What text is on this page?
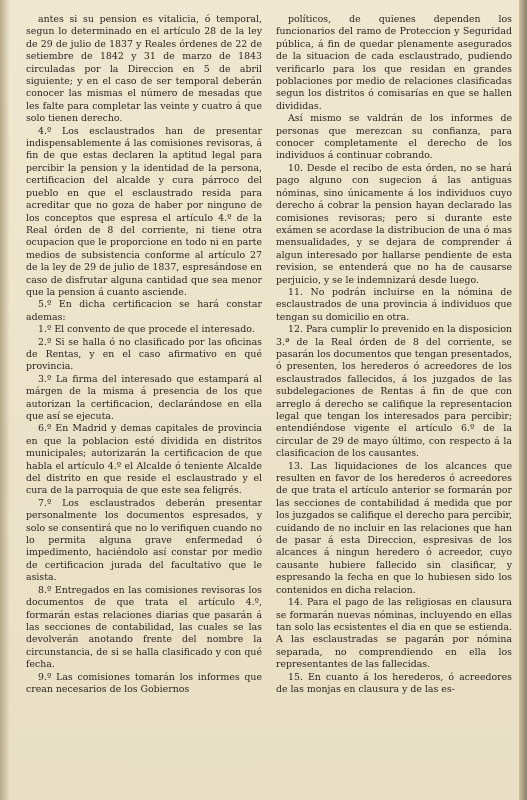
antes si su pension es vitalicia, ó temporal, segun lo determinado en el artículo 28 de la ley de 29 de julio de 1837 y Reales órdenes de 22 de setiembre de 1842 y 31 de marzo de 1843 circuladas por la Direccion en 5 de abril siguiente; y en el caso de ser temporal deberán conocer las mismas el número de mesadas que les falte para completar las veinte y cuatro á que solo tienen derecho.

4.º Los esclaustrados han de presentar indispensablemente á las comisiones revisoras, á fin de que estas declaren la aptitud legal para percibir la pension y la identidad de la persona, certificacion del alcalde y cura párroco del pueblo en que el esclaustrado resida para acreditar que no goza de haber por ninguno de los conceptos que espresa el artículo 4.º de la Real órden de 8 del corriente, ni tiene otra ocupacion que le proporcione en todo ni en parte medios de subsistencia conforme al artículo 27 de la ley de 29 de julio de 1837, espresándose en caso de disfrutar alguna cantidad que sea menor que la pension á cuanto asciende.

5.º En dicha certificacion se hará constar ademas:

1.º El convento de que procede el interesado.

2.º Si se halla ó no clasificado por las oficinas de Rentas, y en el caso afirmativo en qué provincia.

3.º La firma del interesado que estampará al márgen de la misma á presencia de los que autorizan la certificacion, declarándose en ella que así se ejecuta.

6.º En Madrid y demas capitales de provincia en que la poblacion esté dividida en distritos municipales; autorizarán la certificacion de que habla el artículo 4.º el Alcalde ó teniente Alcalde del distrito en que reside el esclaustrado y el cura de la parroquia de que este sea feligrés.

7.º Los esclaustrados deberán presentar personalmente los documentos espresados, y solo se consentirá que no lo verifiquen cuando no lo permita alguna grave enfermedad ó impedimento, haciéndolo así constar por medio de certificacion jurada del facultativo que le asista.

8.º Entregados en las comisiones revisoras los documentos de que trata el artículo 4.º, formarán estas relaciones diarias que pasarán á las secciones de contabilidad, las cuales se las devolverán anotando frente del nombre la circunstancia, de si se halla clasificado y con qué fecha.

9.º Las comisiones tomarán los informes que crean necesarios de los Gobiernos

políticos, de quienes dependen los funcionarios del ramo de Proteccion y Seguridad pública, á fin de quedar plenamente asegurados de la situacion de cada esclaustrado, pudiendo verificarlo para los que residan en grandes poblaciones por medio de relaciones clasificadas segun los distritos ó comisarías en que se hallen divididas.

Así mismo se valdrán de los informes de personas que merezcan su confianza, para conocer completamente el derecho de los individuos á continuar cobrando.

10. Desde el recibo de esta órden, no se hará pago alguno con sugecion á las antiguas nóminas, sino únicamente á los individuos cuyo derecho á cobrar la pension hayan declarado las comisiones revisoras; pero si durante este exámen se acordase la distribucion de una ó mas mensualidades, y se dejara de comprender á algun interesado por hallarse pendiente de esta revision, se entenderá que no ha de causarse perjuicio, y se le indemnizará desde luego.

11. No podrán incluirse en la nómina de esclaustrados de una provincia á individuos que tengan su domicilio en otra.

12. Para cumplir lo prevenido en la disposicion 3.ª de la Real órden de 8 del corriente, se pasarán los documentos que tengan presentados, ó presenten, los herederos ó acreedores de los esclaustrados fallecidos, á los juzgados de las subdelegaciones de Rentas á fin de que con arreglo á derecho se califique la representacion legal que tengan los interesados para percibir; entendiéndose vigente el artículo 6.º de la circular de 29 de mayo último, con respecto á la clasificacion de los causantes.

13. Las liquidaciones de los alcances que resulten en favor de los herederos ó acreedores de que trata el artículo anterior se formarán por las secciones de contabilidad á medida que por los juzgados se califique el derecho para percibir, cuidando de no incluir en las relaciones que han de pasar á esta Direccion, espresivas de los alcances á ningun heredero ó acreedor, cuyo causante hubiere fallecido sin clasificar, y espresando la fecha en que lo hubiesen sido los contenidos en dicha relacion.

14. Para el pago de las religiosas en clausura se formarán nuevas nóminas, incluyendo en ellas tan solo las ecsistentes el dia en que se estienda. A las esclaustradas se pagarán por nómina separada, no comprendiendo en ella los representantes de las fallecidas.

15. En cuanto á los herederos, ó acreedores de las monjas en clausura y de las es-
